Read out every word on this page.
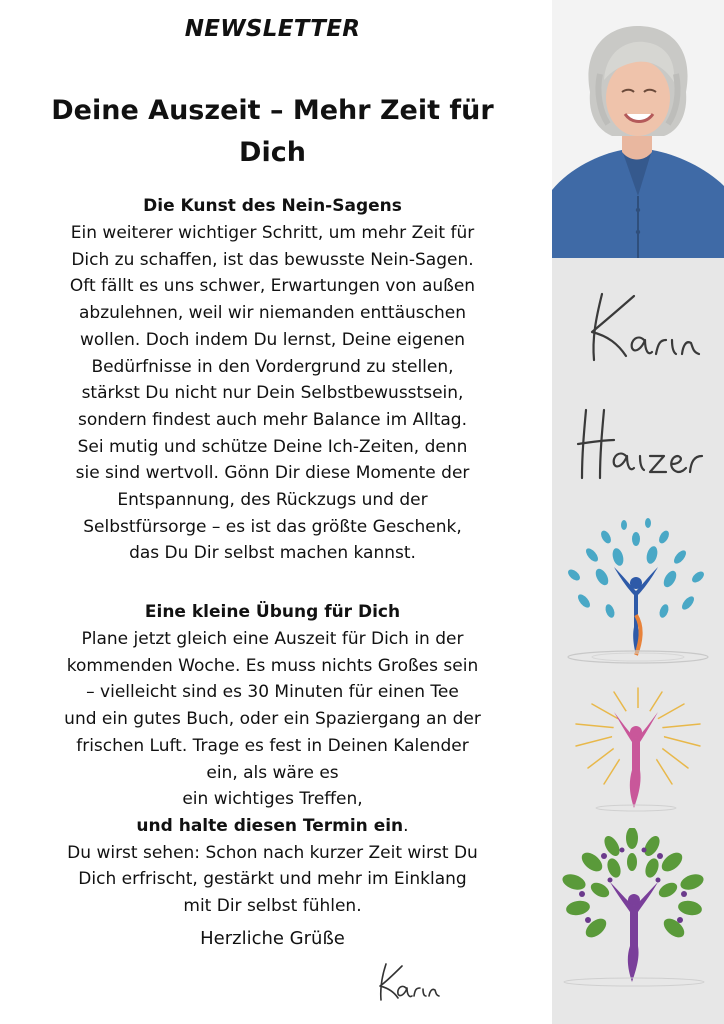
NEWSLETTER
Deine Auszeit – Mehr Zeit für
Dich
Die Kunst des Nein-Sagens
Ein weiterer wichtiger Schritt, um mehr Zeit für
Dich zu schaffen, ist das bewusste Nein-Sagen.
Oft fällt es uns schwer, Erwartungen von außen
abzulehnen, weil wir niemanden enttäuschen
wollen. Doch indem Du lernst, Deine eigenen
Bedürfnisse in den Vordergrund zu stellen,
stärkst Du nicht nur Dein Selbstbewusstsein,
sondern findest auch mehr Balance im Alltag.
Sei mutig und schütze Deine Ich-Zeiten, denn
sie sind wertvoll. Gönn Dir diese Momente der
Entspannung, des Rückzugs und der
Selbstfürsorge – es ist das größte Geschenk,
das Du Dir selbst machen kannst.
Eine kleine Übung für Dich
Plane jetzt gleich eine Auszeit für Dich in der
kommenden Woche. Es muss nichts Großes sein
– vielleicht sind es 30 Minuten für einen Tee
und ein gutes Buch, oder ein Spaziergang an der
frischen Luft. Trage es fest in Deinen Kalender
ein, als wäre es
ein wichtiges Treffen,
und halte diesen Termin ein.
Du wirst sehen: Schon nach kurzer Zeit wirst Du
Dich erfrischt, gestärkt und mehr im Einklang
mit Dir selbst fühlen.
Herzliche Grüße
